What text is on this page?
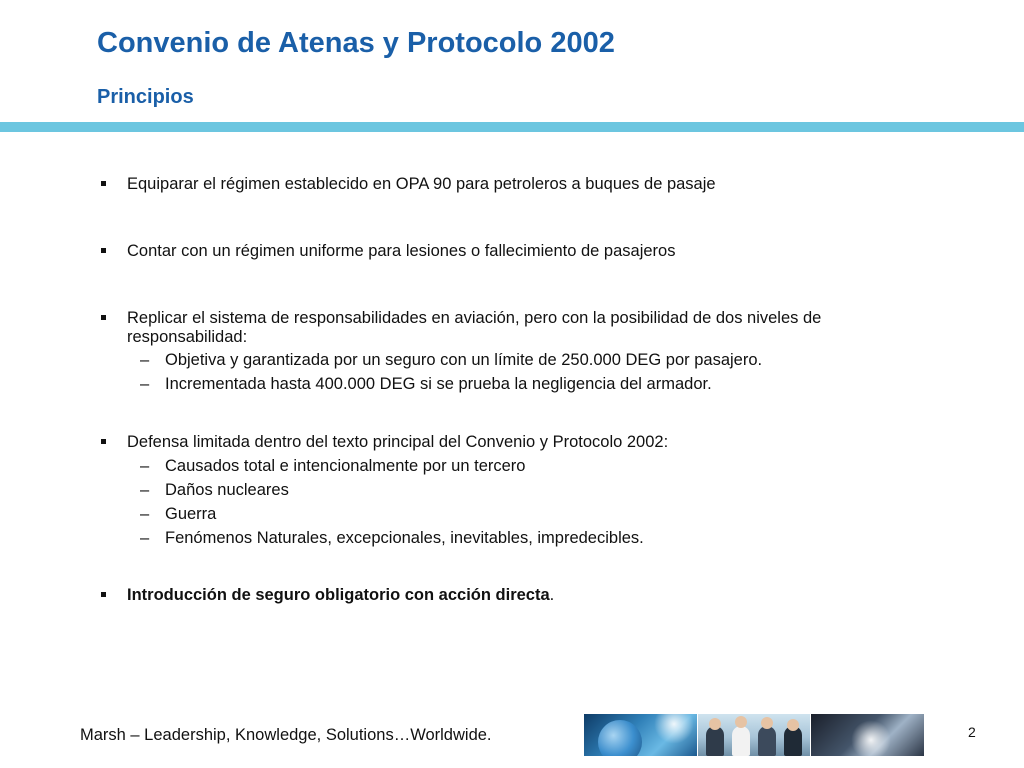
Convenio de Atenas y Protocolo 2002
Principios
Equiparar el régimen establecido en OPA 90 para petroleros a buques de pasaje
Contar con un régimen uniforme para lesiones o fallecimiento de pasajeros
Replicar el sistema de responsabilidades en aviación, pero con la posibilidad de dos niveles de responsabilidad:
– Objetiva y garantizada por un seguro con un límite de 250.000 DEG por pasajero.
– Incrementada hasta 400.000 DEG si se prueba la negligencia del armador.
Defensa limitada dentro del texto principal del Convenio y Protocolo 2002:
– Causados total e intencionalmente por un tercero
– Daños nucleares
– Guerra
– Fenómenos Naturales, excepcionales, inevitables, impredecibles.
Introducción de seguro obligatorio con acción directa.
Marsh – Leadership, Knowledge, Solutions…Worldwide.	2
